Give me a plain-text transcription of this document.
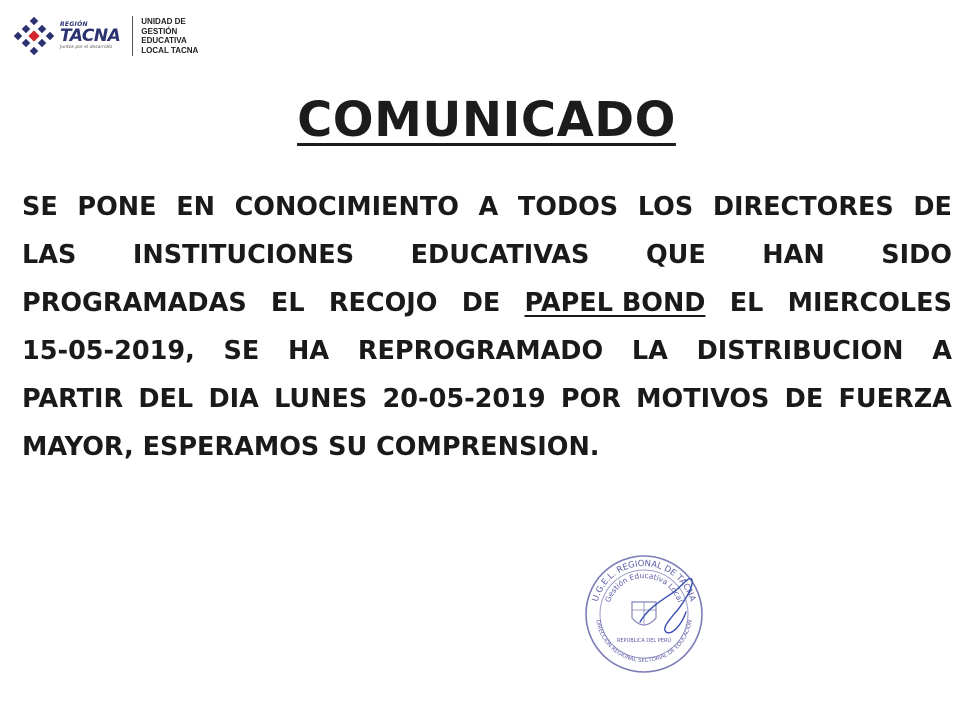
REGIÓN
TACNA
Juntos por el desarrollo
UNIDAD DE
GESTIÓN
EDUCATIVA
LOCAL TACNA
COMUNICADO
SE PONE EN CONOCIMIENTO A TODOS LOS DIRECTORES DE
LAS INSTITUCIONES EDUCATIVAS QUE HAN SIDO
PROGRAMADAS EL RECOJO DE PAPEL BOND EL MIERCOLES
15-05-2019, SE HA REPROGRAMADO LA DISTRIBUCION A
PARTIR DEL DIA LUNES 20-05-2019 POR MOTIVOS DE FUERZA
MAYOR, ESPERAMOS SU COMPRENSION.
U.G.E.L. REGIONAL DE TACNA
Gestión Educativa Local
DIRECCIÓN REGIONAL SECTORIAL DE EDUCACIÓN
REPÚBLICA DEL PERÚ
